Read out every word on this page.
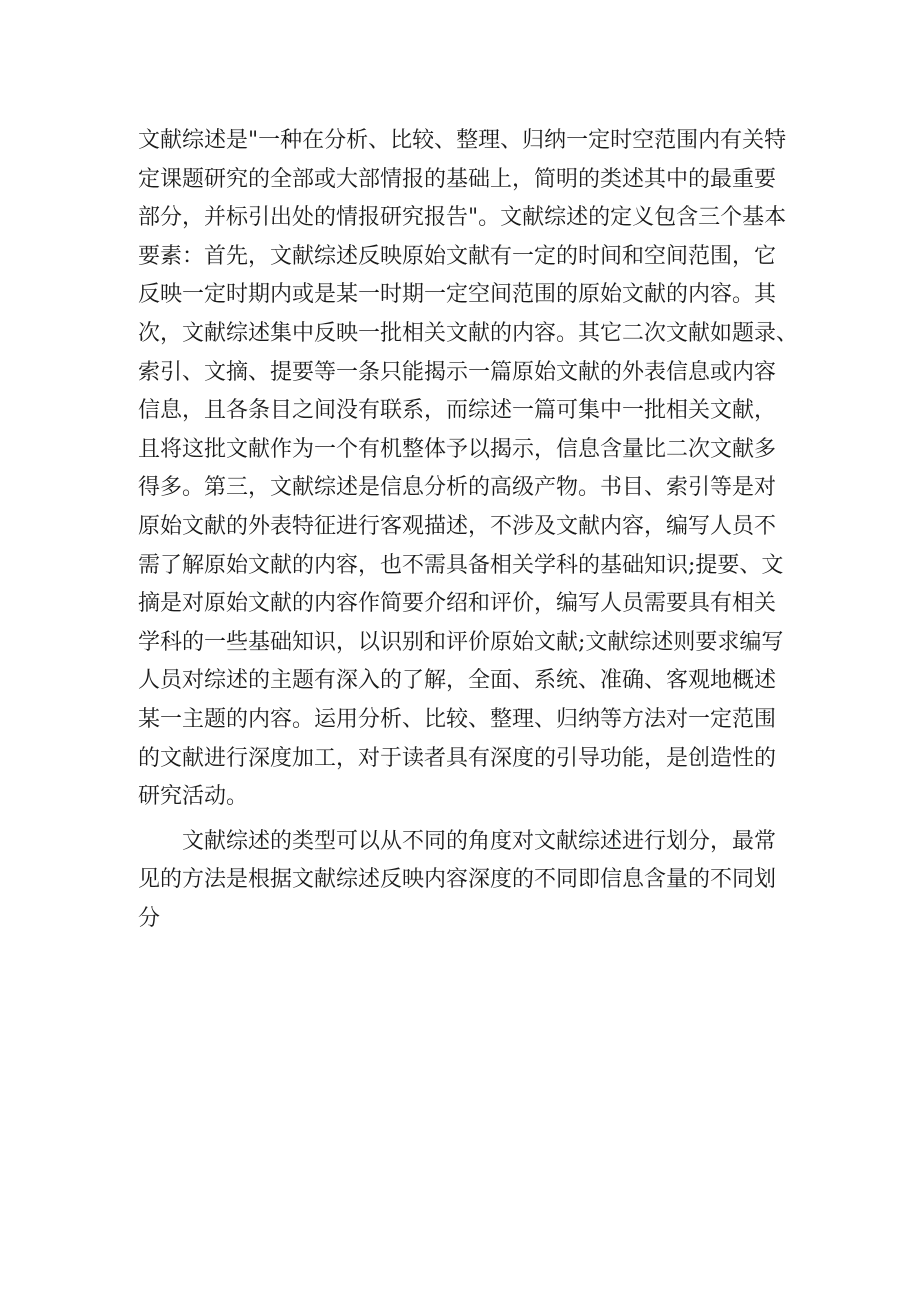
文献综述是"一种在分析、比较、整理、归纳一定时空范围内有关特
定课题研究的全部或大部情报的基础上，简明的类述其中的最重要
部分，并标引出处的情报研究报告"。文献综述的定义包含三个基本
要素：首先，文献综述反映原始文献有一定的时间和空间范围，它
反映一定时期内或是某一时期一定空间范围的原始文献的内容。其
次，文献综述集中反映一批相关文献的内容。其它二次文献如题录、
索引、文摘、提要等一条只能揭示一篇原始文献的外表信息或内容
信息，且各条目之间没有联系，而综述一篇可集中一批相关文献，
且将这批文献作为一个有机整体予以揭示，信息含量比二次文献多
得多。第三，文献综述是信息分析的高级产物。书目、索引等是对
原始文献的外表特征进行客观描述，不涉及文献内容，编写人员不
需了解原始文献的内容，也不需具备相关学科的基础知识;提要、文
摘是对原始文献的内容作简要介绍和评价，编写人员需要具有相关
学科的一些基础知识，以识别和评价原始文献;文献综述则要求编写
人员对综述的主题有深入的了解，全面、系统、准确、客观地概述
某一主题的内容。运用分析、比较、整理、归纳等方法对一定范围
的文献进行深度加工，对于读者具有深度的引导功能，是创造性的
研究活动。
文献综述的类型可以从不同的角度对文献综述进行划分，最常
见的方法是根据文献综述反映内容深度的不同即信息含量的不同划
分
